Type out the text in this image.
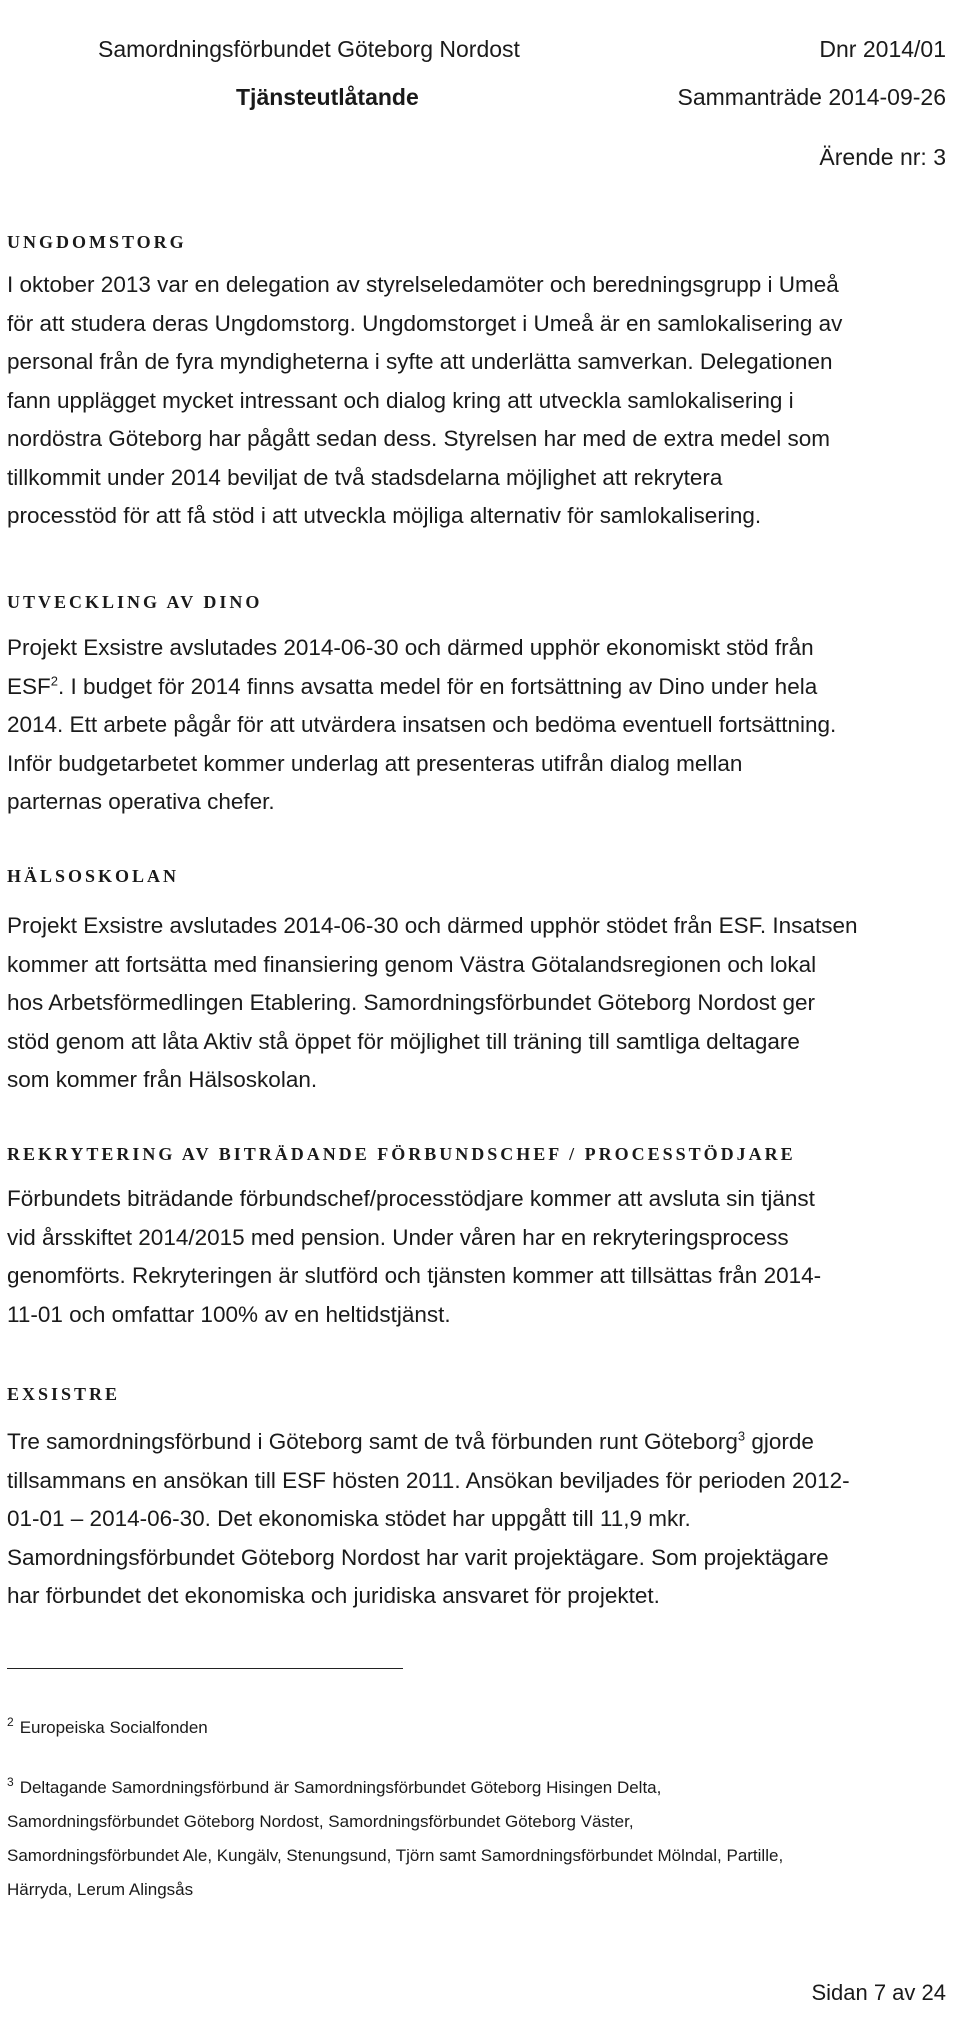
Samordningsförbundet Göteborg Nordost	Dnr 2014/01
Tjänsteutlåtande	Sammanträde 2014-09-26
Ärende nr: 3
UNGDOMSTORG
I oktober 2013 var en delegation av styrelseledamöter och beredningsgrupp i Umeå
för att studera deras Ungdomstorg. Ungdomstorget i Umeå är en samlokalisering av
personal från de fyra myndigheterna i syfte att underlätta samverkan. Delegationen
fann upplägget mycket intressant och dialog kring att utveckla samlokalisering i
nordöstra Göteborg har pågått sedan dess. Styrelsen har med de extra medel som
tillkommit under 2014 beviljat de två stadsdelarna möjlighet att rekrytera
processtöd för att få stöd i att utveckla möjliga alternativ för samlokalisering.
UTVECKLING AV DINO
Projekt Exsistre avslutades 2014-06-30 och därmed upphör ekonomiskt stöd från
ESF$^2$. I budget för 2014 finns avsatta medel för en fortsättning av Dino under hela
2014. Ett arbete pågår för att utvärdera insatsen och bedöma eventuell fortsättning.
Inför budgetarbetet kommer underlag att presenteras utifrån dialog mellan
parternas operativa chefer.
HÄLSOSKOLAN
Projekt Exsistre avslutades 2014-06-30 och därmed upphör stödet från ESF. Insatsen
kommer att fortsätta med finansiering genom Västra Götalandsregionen och lokal
hos Arbetsförmedlingen Etablering. Samordningsförbundet Göteborg Nordost ger
stöd genom att låta Aktiv stå öppet för möjlighet till träning till samtliga deltagare
som kommer från Hälsoskolan.
REKRYTERING AV BITRÄDANDE FÖRBUNDSCHEF / PROCESSTÖDJARE
Förbundets biträdande förbundschef/processtödjare kommer att avsluta sin tjänst
vid årsskiftet 2014/2015 med pension. Under våren har en rekryteringsprocess
genomförts. Rekryteringen är slutförd och tjänsten kommer att tillsättas från 2014-
11-01 och omfattar 100% av en heltidstjänst.
EXSISTRE
Tre samordningsförbund i Göteborg samt de två förbunden runt Göteborg$^3$ gjorde
tillsammans en ansökan till ESF hösten 2011. Ansökan beviljades för perioden 2012-
01-01 – 2014-06-30. Det ekonomiska stödet har uppgått till 11,9 mkr.
Samordningsförbundet Göteborg Nordost har varit projektägare. Som projektägare
har förbundet det ekonomiska och juridiska ansvaret för projektet.
$^2$ Europeiska Socialfonden
$^3$ Deltagande Samordningsförbund är Samordningsförbundet Göteborg Hisingen Delta,
Samordningsförbundet Göteborg Nordost, Samordningsförbundet Göteborg Väster,
Samordningsförbundet Ale, Kungälv, Stenungsund, Tjörn samt Samordningsförbundet Mölndal, Partille,
Härryda, Lerum Alingsås
Sidan 7 av 24
